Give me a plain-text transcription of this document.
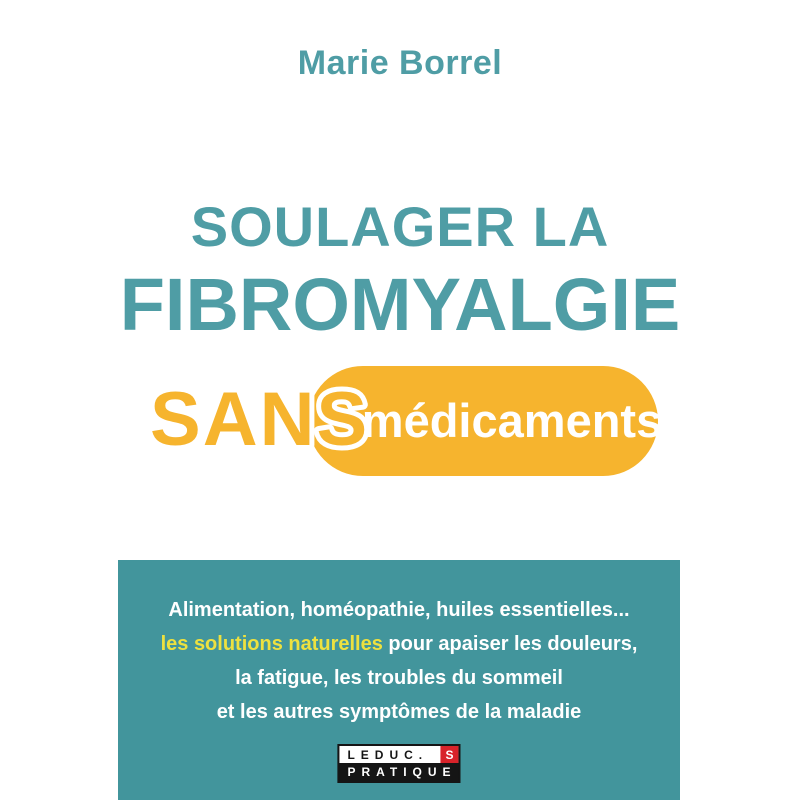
Marie Borrel
SOULAGER LA
FIBROMYALGIE
SANS
médicaments
Alimentation, homéopathie, huiles essentielles...
les solutions naturelles pour apaiser les douleurs,
la fatigue, les troubles du sommeil
et les autres symptômes de la maladie
LEDUC.	S
PRATIQUE
